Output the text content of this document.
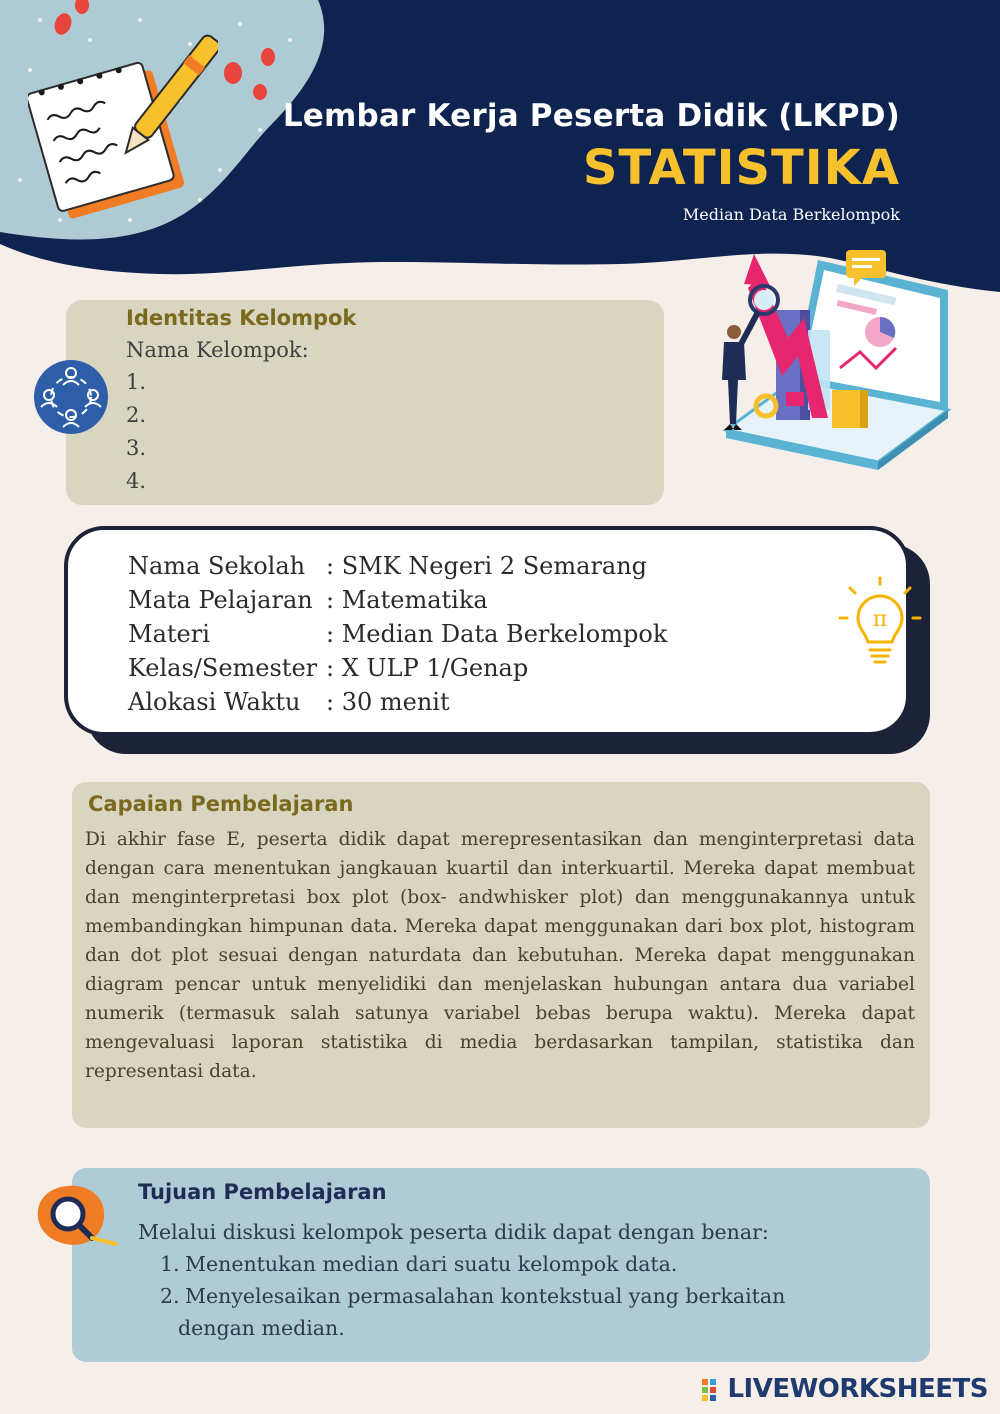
Lembar Kerja Peserta Didik (LKPD)
STATISTIKA
Median Data Berkelompok
Identitas Kelompok
Nama Kelompok:
1.
2.
3.
4.
Nama Sekolah : SMK Negeri 2 Semarang
Mata Pelajaran : Matematika
Materi	: Median Data Berkelompok
Kelas/Semester : X ULP 1/Genap
Alokasi Waktu : 30 menit
π
Capaian Pembelajaran
Di akhir fase E, peserta didik dapat merepresentasikan dan menginterpretasi data dengan cara menentukan jangkauan kuartil dan interkuartil. Mereka dapat membuat dan menginterpretasi box plot (box- andwhisker plot) dan menggunakannya untuk membandingkan himpunan data. Mereka dapat menggunakan dari box plot, histogram dan dot plot sesuai dengan naturdata dan kebutuhan. Mereka dapat menggunakan diagram pencar untuk menyelidiki dan menjelaskan hubungan antara dua variabel numerik (termasuk salah satunya variabel bebas berupa waktu). Mereka dapat mengevaluasi laporan statistika di media berdasarkan tampilan, statistika dan representasi data.
Tujuan Pembelajaran
Melalui diskusi kelompok peserta didik dapat dengan benar:
1. Menentukan median dari suatu kelompok data.
2. Menyelesaikan permasalahan kontekstual yang berkaitan
dengan median.
LIVEWORKSHEETS
